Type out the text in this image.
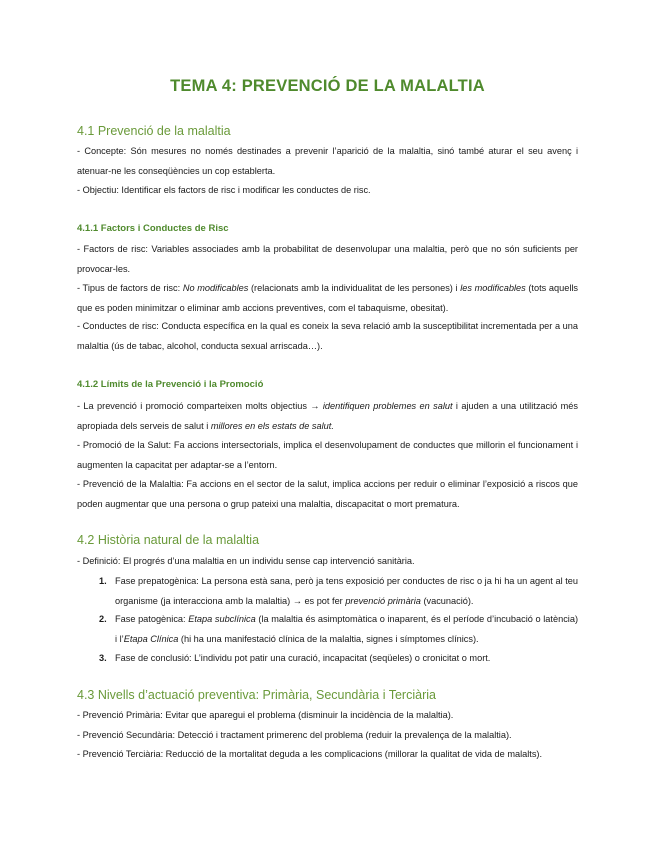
TEMA 4: PREVENCIÓ DE LA MALALTIA
4.1 Prevenció de la malaltia
- Concepte: Són mesures no només destinades a prevenir l’aparició de la malaltia, sinó també aturar el seu avenç i atenuar-ne les conseqüències un cop establerta.
- Objectiu: Identificar els factors de risc i modificar les conductes de risc.
4.1.1 Factors i Conductes de Risc
- Factors de risc: Variables associades amb la probabilitat de desenvolupar una malaltia, però que no són suficients per provocar-les.
- Tipus de factors de risc: No modificables (relacionats amb la individualitat de les persones) i les modificables (tots aquells que es poden minimitzar o eliminar amb accions preventives, com el tabaquisme, obesitat).
- Conductes de risc: Conducta específica en la qual es coneix la seva relació amb la susceptibilitat incrementada per a una malaltia (ús de tabac, alcohol, conducta sexual arriscada…).
4.1.2 Límits de la Prevenció i la Promoció
- La prevenció i promoció comparteixen molts objectius → identifiquen problemes en salut i ajuden a una utilització més apropiada dels serveis de salut i millores en els estats de salut.
- Promoció de la Salut: Fa accions intersectorials, implica el desenvolupament de conductes que millorin el funcionament i augmenten la capacitat per adaptar-se a l’entorn.
- Prevenció de la Malaltia: Fa accions en el sector de la salut, implica accions per reduir o eliminar l’exposició a riscos que poden augmentar que una persona o grup pateixi una malaltia, discapacitat o mort prematura.
4.2 Història natural de la malaltia
- Definició: El progrés d’una malaltia en un individu sense cap intervenció sanitària.
1. Fase prepatogènica: La persona està sana, però ja tens exposició per conductes de risc o ja hi ha un agent al teu organisme (ja interacciona amb la malaltia) → es pot fer prevenció primària (vacunació).
2. Fase patogènica: Etapa subclínica (la malaltia és asimptomàtica o inaparent, és el període d’incubació o latència) i l’Etapa Clínica (hi ha una manifestació clínica de la malaltia, signes i símptomes clínics).
3. Fase de conclusió: L’individu pot patir una curació, incapacitat (seqüeles) o cronicitat o mort.
4.3 Nivells d’actuació preventiva: Primària, Secundària i Terciària
- Prevenció Primària: Evitar que aparegui el problema (disminuir la incidència de la malaltia).
- Prevenció Secundària: Detecció i tractament primerenc del problema (reduir la prevalença de la malaltia).
- Prevenció Terciària: Reducció de la mortalitat deguda a les complicacions (millorar la qualitat de vida de malalts).
